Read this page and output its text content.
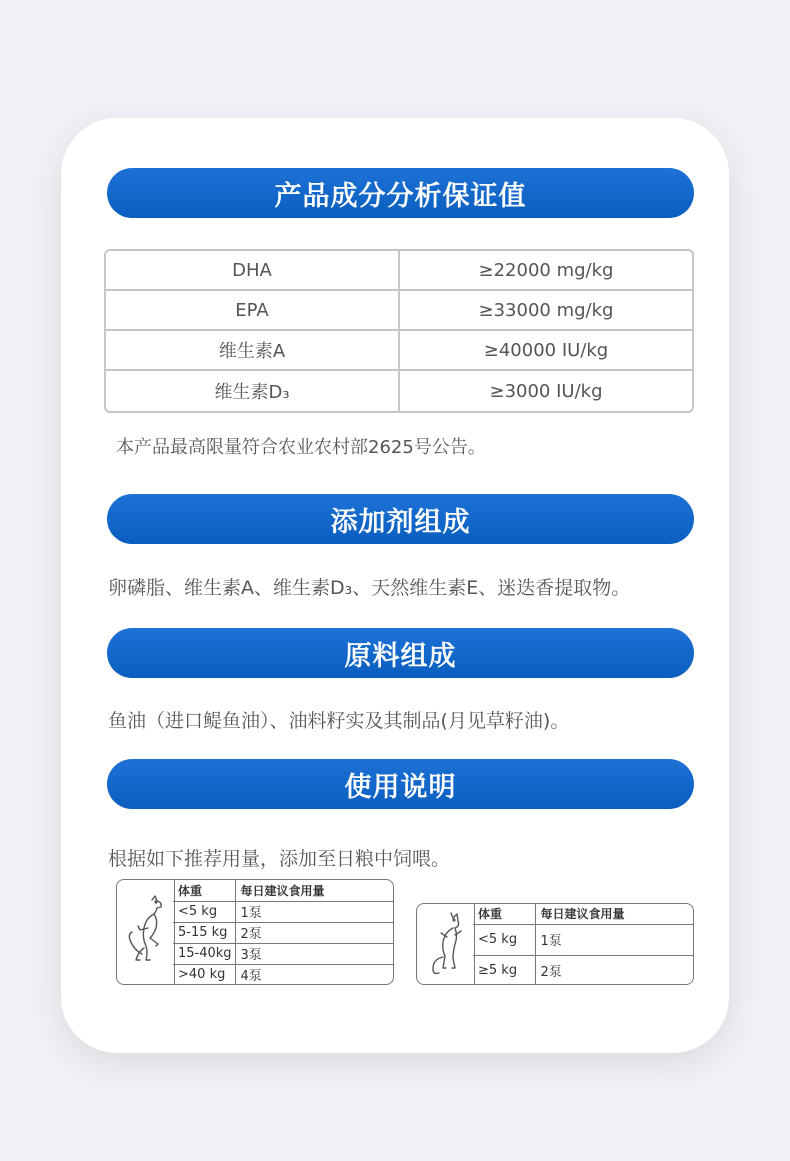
产品成分分析保证值
DHA	≥22000 mg/kg
EPA	≥33000 mg/kg
维生素A	≥40000 IU/kg
维生素D₃	≥3000 IU/kg
本产品最高限量符合农业农村部2625号公告。
添加剂组成
卵磷脂、维生素A、维生素D₃、天然维生素E、迷迭香提取物。
原料组成
鱼油（进口鳀鱼油）、油料籽实及其制品(月见草籽油)。
使用说明
根据如下推荐用量，添加至日粮中饲喂。
体重	每日建议食用量
<5 kg	1泵
5-15 kg	2泵
15-40kg	3泵
>40 kg	4泵
体重	每日建议食用量
<5 kg	1泵
≥5 kg	2泵
